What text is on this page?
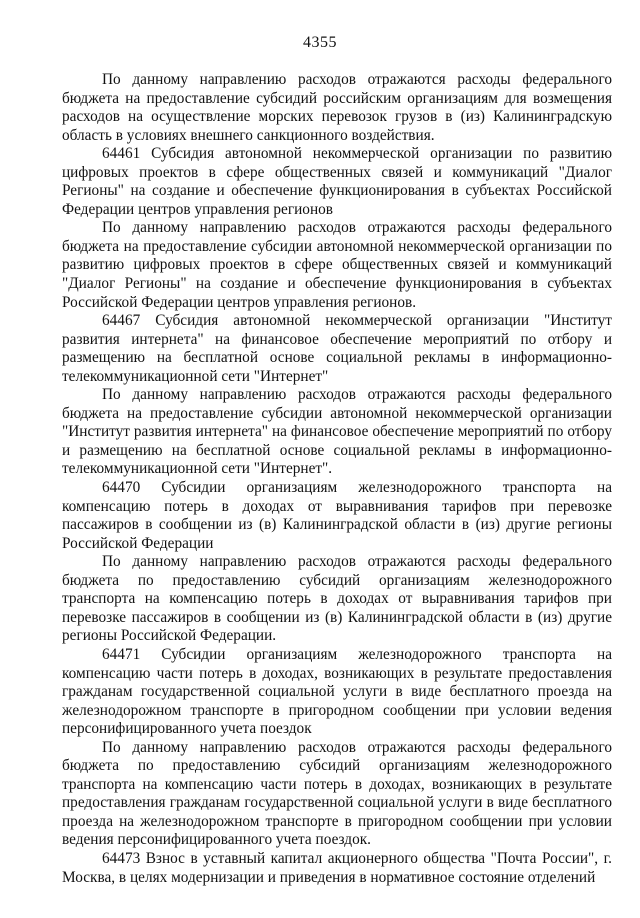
4355

По данному направлению расходов отражаются расходы федерального бюджета на предоставление субсидий российским организациям для возмещения расходов на осуществление морских перевозок грузов в (из) Калининградскую область в условиях внешнего санкционного воздействия.

64461 Субсидия автономной некоммерческой организации по развитию цифровых проектов в сфере общественных связей и коммуникаций "Диалог Регионы" на создание и обеспечение функционирования в субъектах Российской Федерации центров управления регионов

По данному направлению расходов отражаются расходы федерального бюджета на предоставление субсидии автономной некоммерческой организации по развитию цифровых проектов в сфере общественных связей и коммуникаций "Диалог Регионы" на создание и обеспечение функционирования в субъектах Российской Федерации центров управления регионов.

64467 Субсидия автономной некоммерческой организации "Институт развития интернета" на финансовое обеспечение мероприятий по отбору и размещению на бесплатной основе социальной рекламы в информационно-телекоммуникационной сети "Интернет"

По данному направлению расходов отражаются расходы федерального бюджета на предоставление субсидии автономной некоммерческой организации "Институт развития интернета" на финансовое обеспечение мероприятий по отбору и размещению на бесплатной основе социальной рекламы в информационно-телекоммуникационной сети "Интернет".

64470 Субсидии организациям железнодорожного транспорта на компенсацию потерь в доходах от выравнивания тарифов при перевозке пассажиров в сообщении из (в) Калининградской области в (из) другие регионы Российской Федерации

По данному направлению расходов отражаются расходы федерального бюджета по предоставлению субсидий организациям железнодорожного транспорта на компенсацию потерь в доходах от выравнивания тарифов при перевозке пассажиров в сообщении из (в) Калининградской области в (из) другие регионы Российской Федерации.

64471 Субсидии организациям железнодорожного транспорта на компенсацию части потерь в доходах, возникающих в результате предоставления гражданам государственной социальной услуги в виде бесплатного проезда на железнодорожном транспорте в пригородном сообщении при условии ведения персонифицированного учета поездок

По данному направлению расходов отражаются расходы федерального бюджета по предоставлению субсидий организациям железнодорожного транспорта на компенсацию части потерь в доходах, возникающих в результате предоставления гражданам государственной социальной услуги в виде бесплатного проезда на железнодорожном транспорте в пригородном сообщении при условии ведения персонифицированного учета поездок.

64473 Взнос в уставный капитал акционерного общества "Почта России", г. Москва, в целях модернизации и приведения в нормативное состояние отделений
